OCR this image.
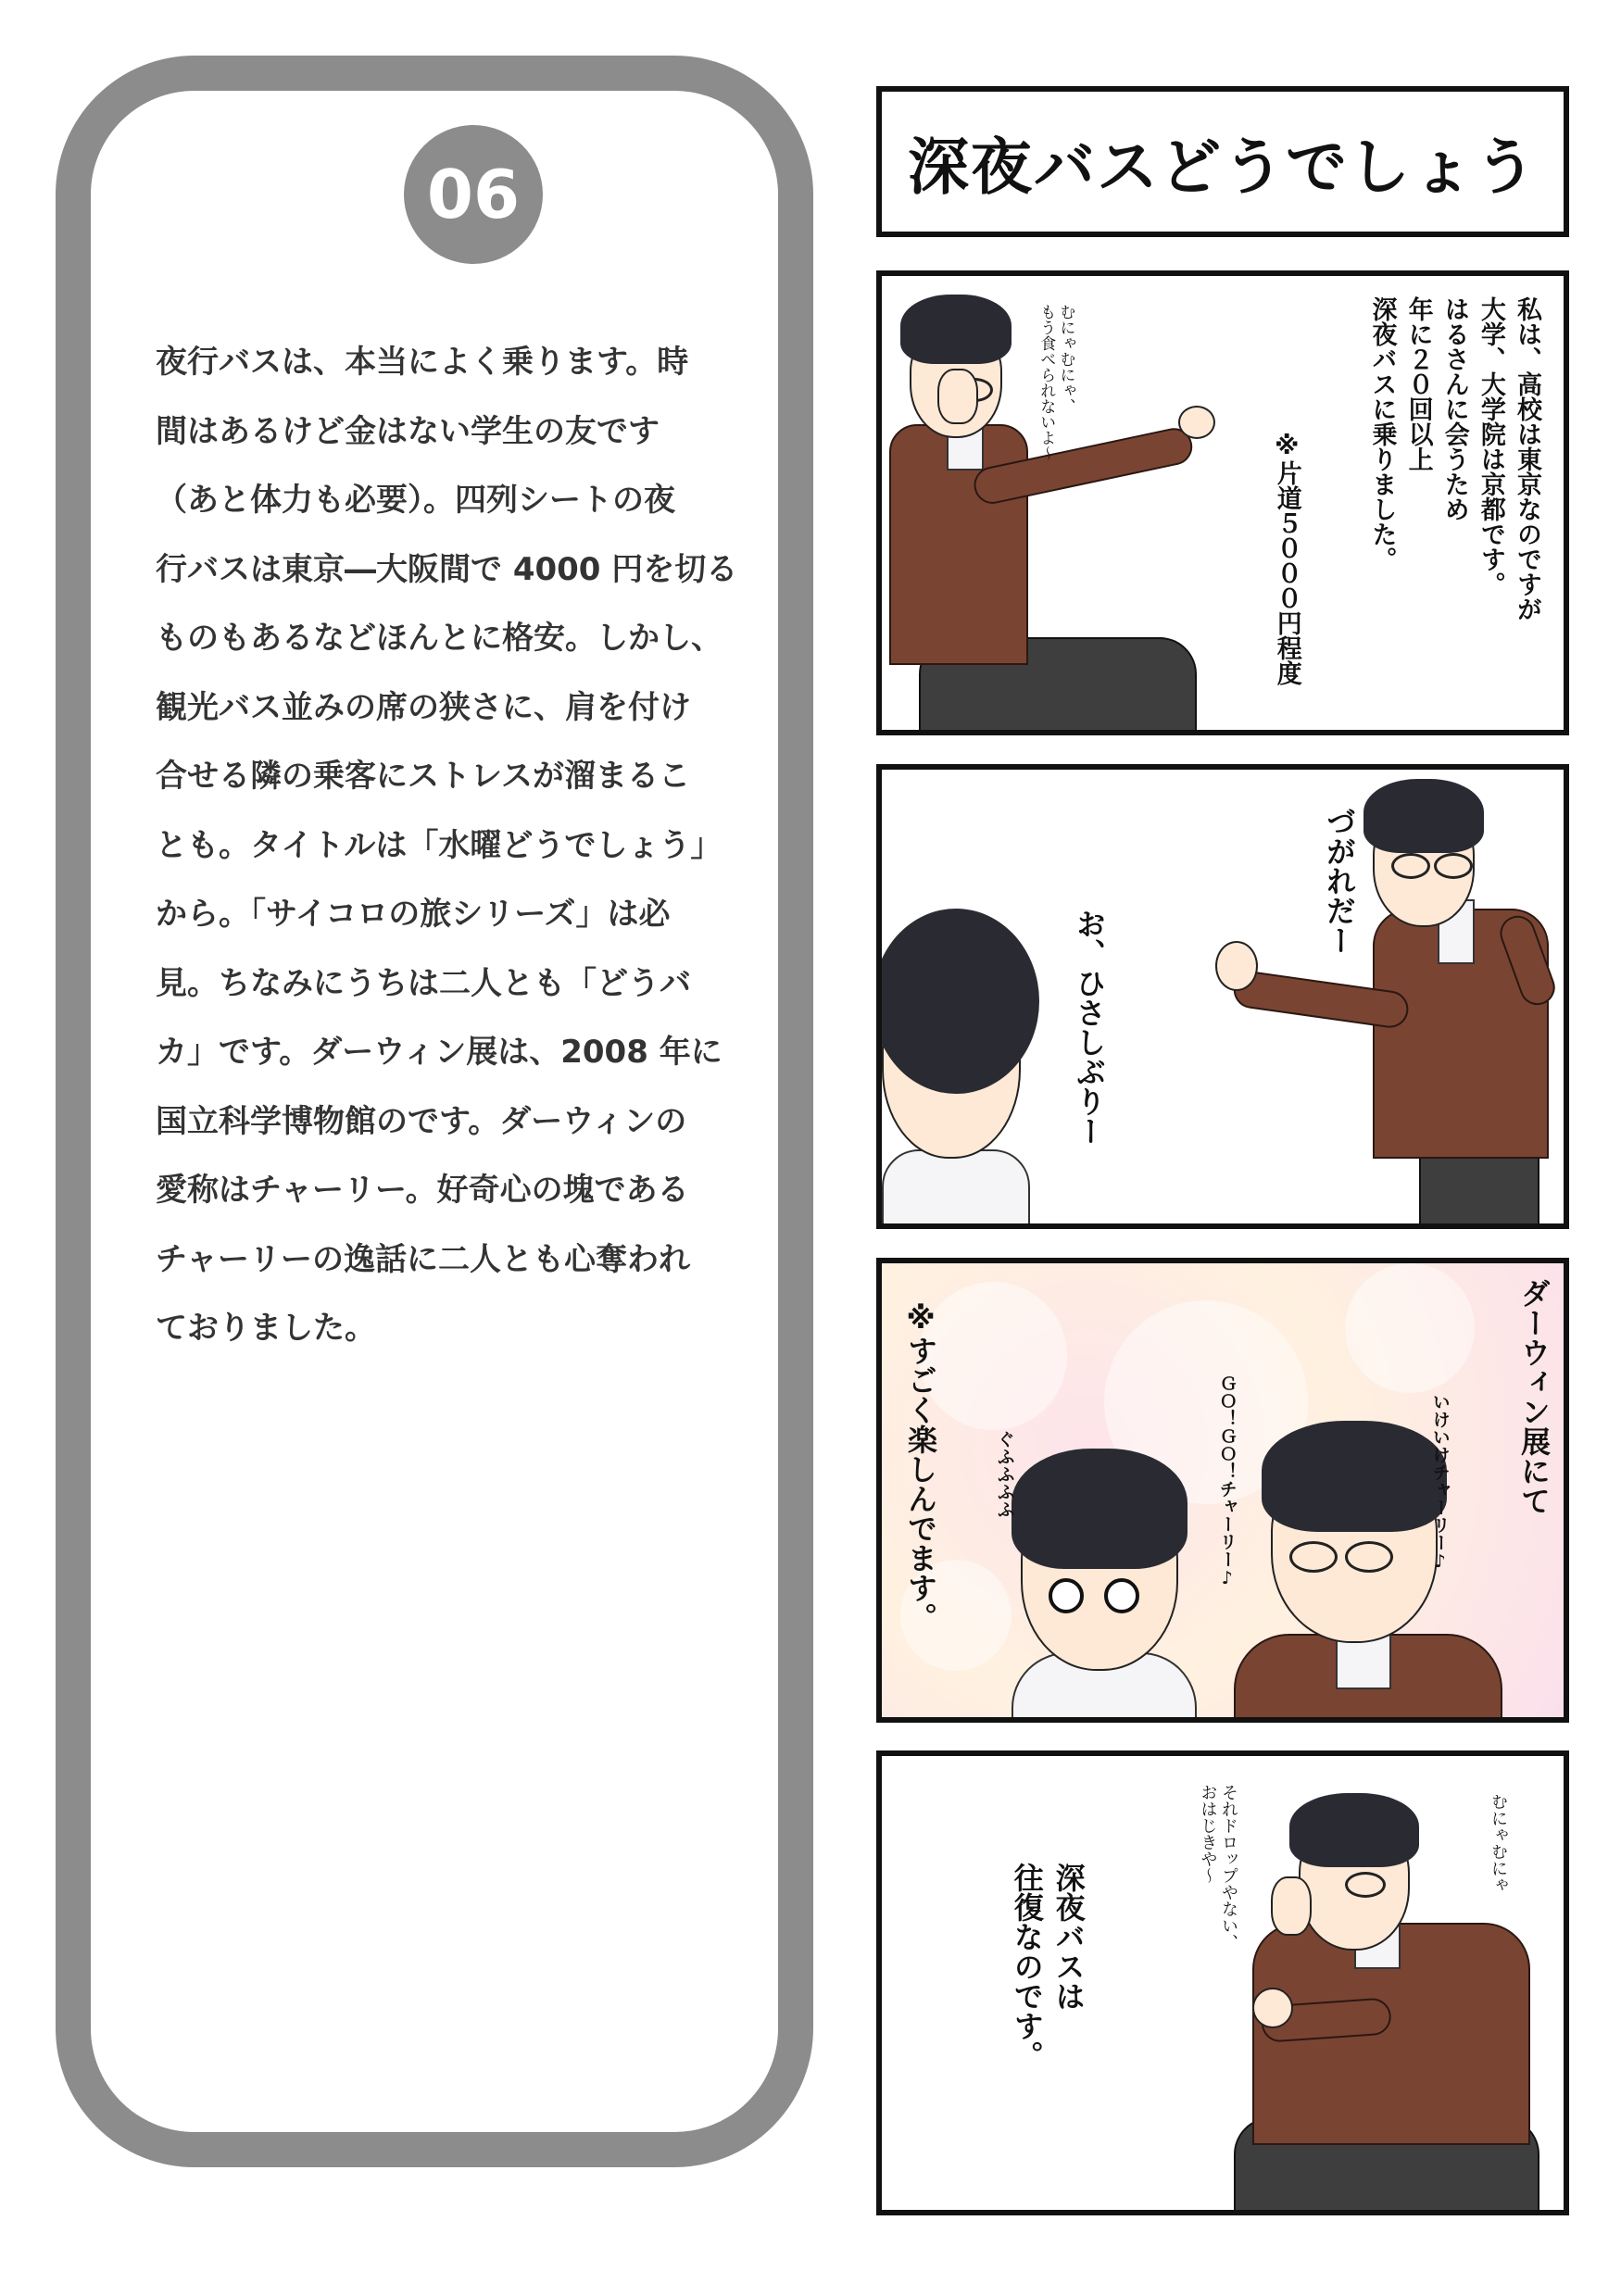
06
夜行バスは、本当によく乗ります。時
間はあるけど金はない学生の友です
（あと体力も必要）。四列シートの夜
行バスは東京―大阪間で 4000 円を切る
ものもあるなどほんとに格安。しかし、
観光バス並みの席の狭さに、肩を付け
合せる隣の乗客にストレスが溜まるこ
とも。タイトルは「水曜どうでしょう」
から。「サイコロの旅シリーズ」は必
見。ちなみにうちは二人とも「どうバ
カ」です。ダーウィン展は、2008 年に
国立科学博物館のです。ダーウィンの
愛称はチャーリー。好奇心の塊である
チャーリーの逸話に二人とも心奪われ
ておりました。
深夜バスどうでしょう
むにゃむにゃ、
もう食べられないよ～	私は、高校は東京なのですが
大学、大学院は京都です。
はるさんに会うため
年に２０回以上
深夜バスに乗りました。
※片道５０００円程度
づがれだー
お、ひさしぶりー
ダーウィン展にて
いけいけチャーリー♪
ＧＯ！ＧＯ！チャーリー♪
ぐふふふふ
※すごく楽しんでます。
むにゃむにゃ
それドロップやない、
おはじきや～
深夜バスは
往復なのです。
